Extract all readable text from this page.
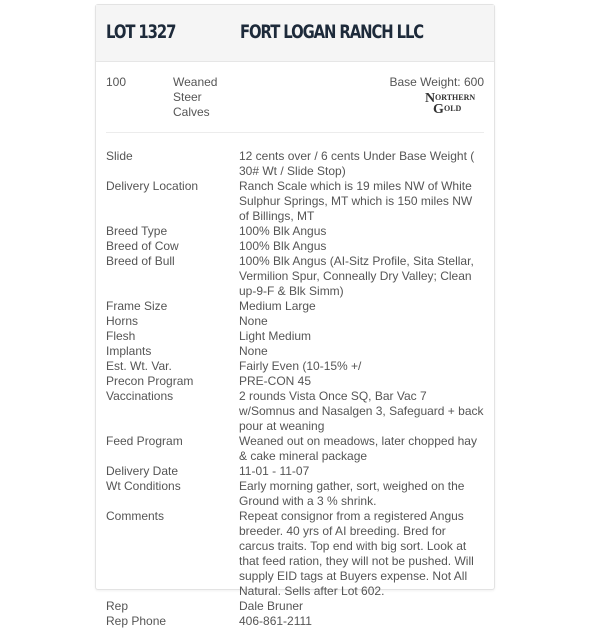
LOT 1327	FORT LOGAN RANCH LLC
100	Weaned
Steer
Calves
Base Weight: 600
N ORTHERN
G OLD
Slide	12 cents over / 6 cents Under Base Weight ( 30# Wt / Slide Stop)
Delivery Location	Ranch Scale which is 19 miles NW of White Sulphur Springs, MT which is 150 miles NW of Billings, MT
Breed Type	100% Blk Angus
Breed of Cow	100% Blk Angus
Breed of Bull	100% Blk Angus (AI-Sitz Profile, Sita Stellar, Vermilion Spur, Conneally Dry Valley; Clean up-9-F & Blk Simm)
Frame Size	Medium Large
Horns	None
Flesh	Light Medium
Implants	None
Est. Wt. Var.	Fairly Even (10-15% +/
Precon Program	PRE-CON 45
Vaccinations	2 rounds Vista Once SQ, Bar Vac 7 w/Somnus and Nasalgen 3, Safeguard + back pour at weaning
Feed Program	Weaned out on meadows, later chopped hay & cake mineral package
Delivery Date	11-01 - 11-07
Wt Conditions	Early morning gather, sort, weighed on the Ground with a 3 % shrink.
Comments	Repeat consignor from a registered Angus breeder. 40 yrs of AI breeding. Bred for carcus traits. Top end with big sort. Look at that feed ration, they will not be pushed. Will supply EID tags at Buyers expense. Not All Natural. Sells after Lot 602.
Rep	Dale Bruner
Rep Phone	406-861-2111
